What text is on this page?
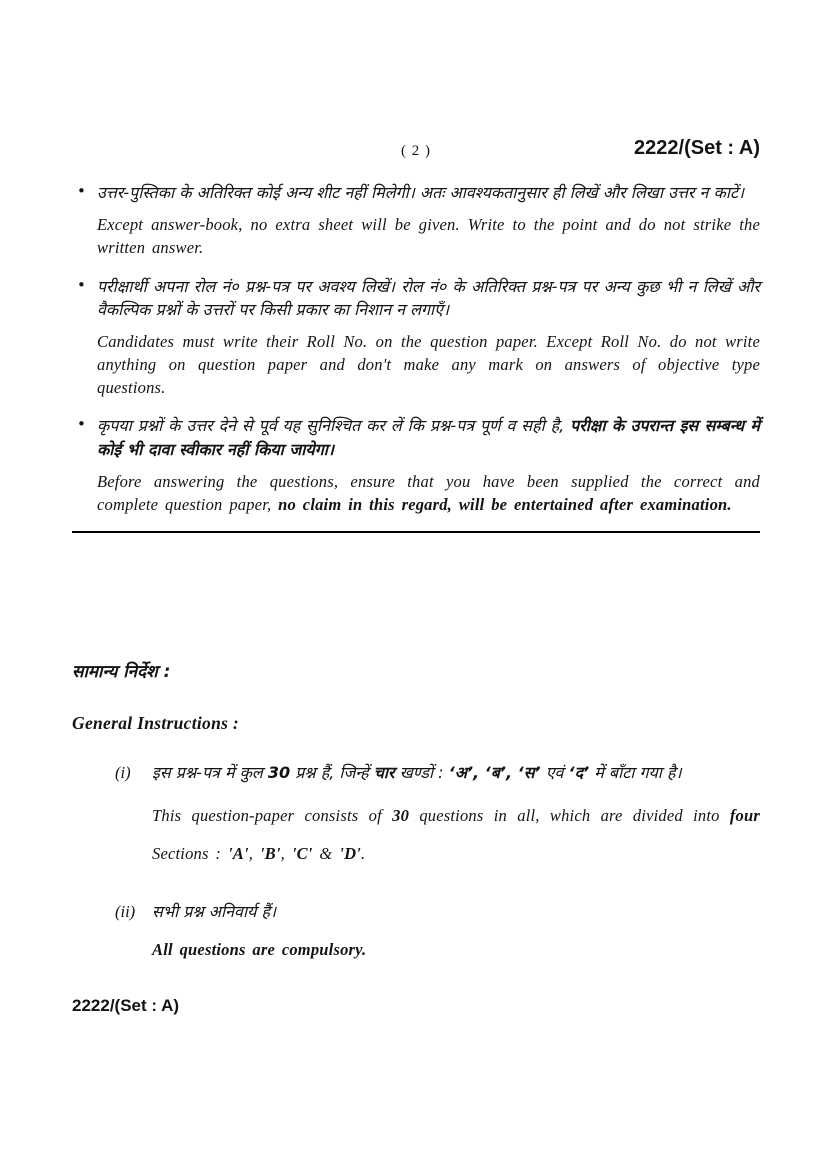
( 2 )	2222/(Set : A)
• उत्तर-पुस्तिका के अतिरिक्त कोई अन्य शीट नहीं मिलेगी। अतः आवश्यकतानुसार ही लिखें और लिखा उत्तर न काटें।

Except answer-book, no extra sheet will be given. Write to the point and do not strike the written answer.

• परीक्षार्थी अपना रोल नं० प्रश्न-पत्र पर अवश्य लिखें। रोल नं० के अतिरिक्त प्रश्न-पत्र पर अन्य कुछ भी न लिखें और वैकल्पिक प्रश्नों के उत्तरों पर किसी प्रकार का निशान न लगाएँ।

Candidates must write their Roll No. on the question paper. Except Roll No. do not write anything on question paper and don't make any mark on answers of objective type questions.

• कृपया प्रश्नों के उत्तर देने से पूर्व यह सुनिश्चित कर लें कि प्रश्न-पत्र पूर्ण व सही है, परीक्षा के उपरान्त इस सम्बन्ध में कोई भी दावा स्वीकार नहीं किया जायेगा।

Before answering the questions, ensure that you have been supplied the correct and complete question paper, no claim in this regard, will be entertained after examination.

सामान्य निर्देश :
General Instructions :
(i)	इस प्रश्न-पत्र में कुल 30 प्रश्न हैं, जिन्हें चार खण्डों : ‘अ’, ‘ब’, ‘स’ एवं ‘द’ में बाँटा गया है।

This question-paper consists of 30 questions in all, which are divided into four Sections : 'A', 'B', 'C' & 'D'.

(ii)	सभी प्रश्न अनिवार्य हैं।

All questions are compulsory.

2222/(Set : A)
